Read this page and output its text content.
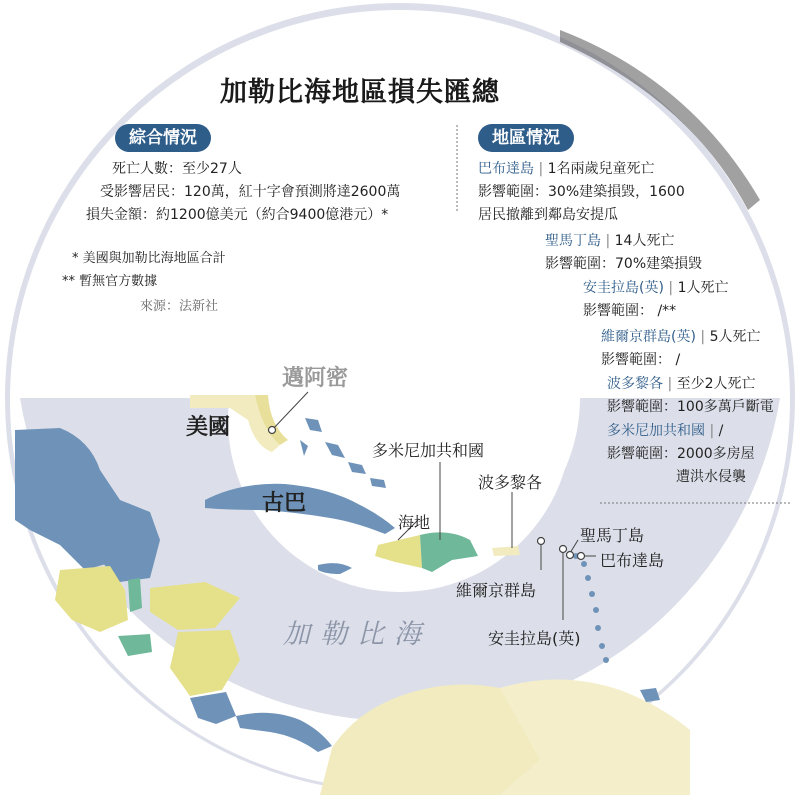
加勒比海地區損失匯總
綜合情況
死亡人數：至少27人
受影響居民：120萬，紅十字會預測將達2600萬
損失金額：約1200億美元（約合9400億港元）*
* 美國與加勒比海地區合計
** 暫無官方數據
來源：法新社
地區情況
巴布達島 | 1名兩歲兒童死亡
影響範圍：30%建築損毀，1600
居民撤離到鄰島安提瓜
聖馬丁島 | 14人死亡
影響範圍：70%建築損毀
安圭拉島(英) | 1人死亡
影響範圍： /**
維爾京群島(英) | 5人死亡
影響範圍： /
波多黎各 | 至少2人死亡
影響範圍：100多萬戶斷電
多米尼加共和國 | /
影響範圍：2000多房屋
遭洪水侵襲
邁阿密
美國
古巴
多米尼加共和國
波多黎各
海地
聖馬丁島
巴布達島
維爾京群島
安圭拉島(英)
加勒比海
